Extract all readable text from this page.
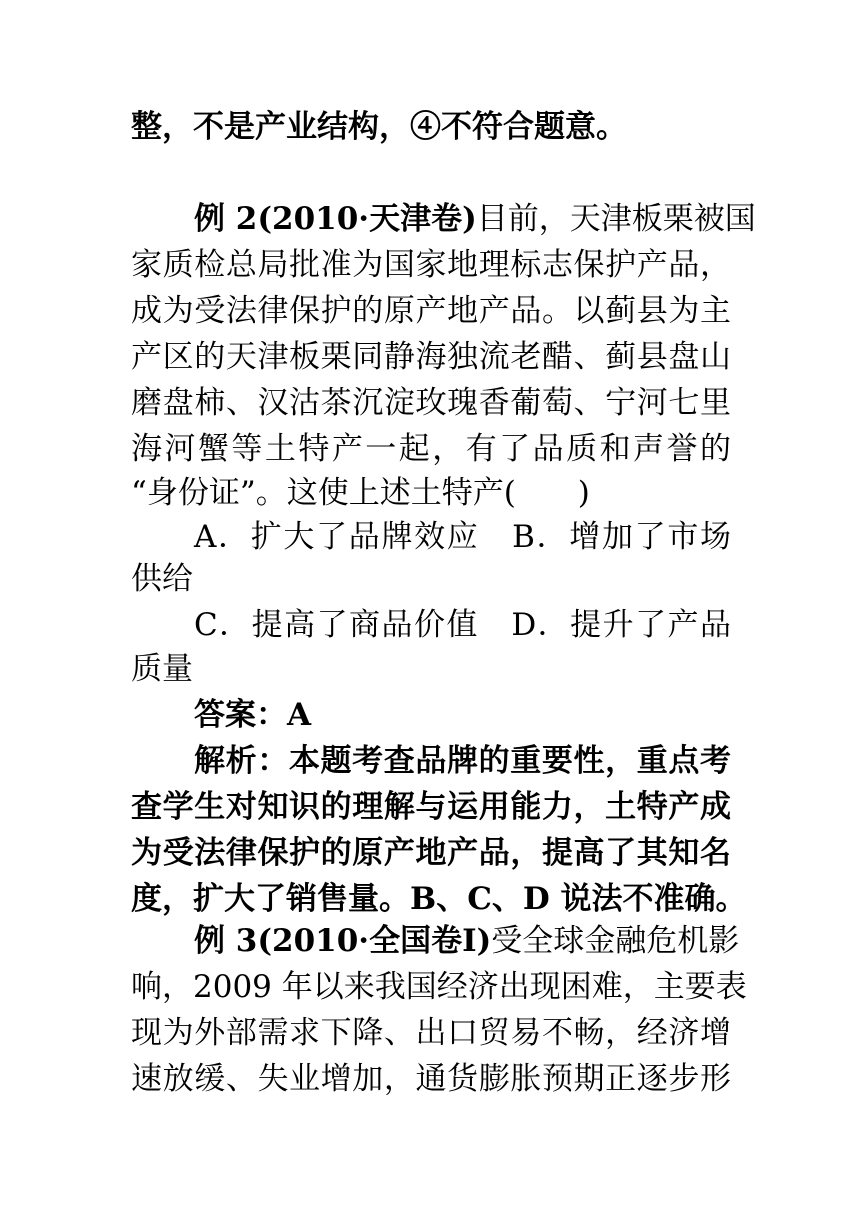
整，不是产业结构，④不符合题意。
例 2(2010·天津卷)目前，天津板栗被国
家质检总局批准为国家地理标志保护产品，
成为受法律保护的原产地产品。以蓟县为主
产区的天津板栗同静海独流老醋、蓟县盘山
磨盘柿、汉沽茶沉淀玫瑰香葡萄、宁河七里
海河蟹等土特产一起，有了品质和声誉的
“身份证”。这使上述土特产(　　)
A．扩大了品牌效应　B．增加了市场
供给
C．提高了商品价值　D．提升了产品
质量
答案：A
解析：本题考查品牌的重要性，重点考
查学生对知识的理解与运用能力，土特产成
为受法律保护的原产地产品，提高了其知名
度，扩大了销售量。B、C、D 说法不准确。
例 3(2010·全国卷Ⅰ)受全球金融危机影
响，2009 年以来我国经济出现困难，主要表
现为外部需求下降、出口贸易不畅，经济增
速放缓、失业增加，通货膨胀预期正逐步形
